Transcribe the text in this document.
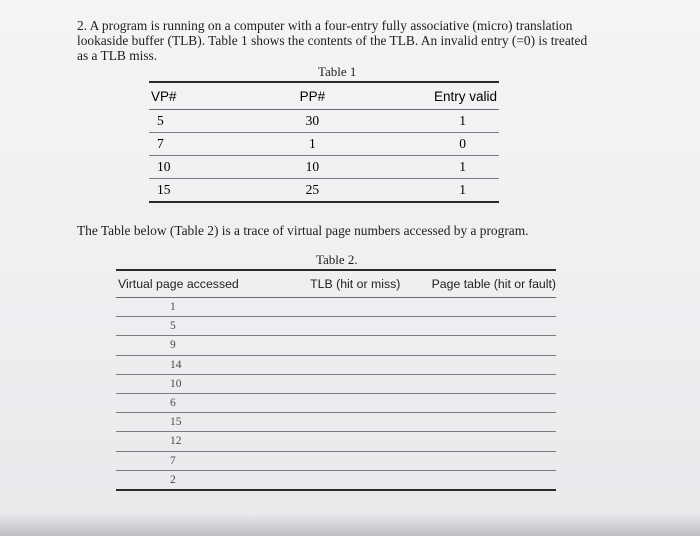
2. A program is running on a computer with a four-entry fully associative (micro) translation
lookaside buffer (TLB). Table 1 shows the contents of the TLB. An invalid entry (=0) is treated
as a TLB miss.
Table 1
VP#	PP#	Entry valid
5	30	1
7	1	0
10	10	1
15	25	1
The Table below (Table 2) is a trace of virtual page numbers accessed by a program.
Table 2.
Virtual page accessed	TLB (hit or miss)	Page table (hit or fault)
1		
5		
9		
14		
10		
6		
15		
12		
7		
2		
